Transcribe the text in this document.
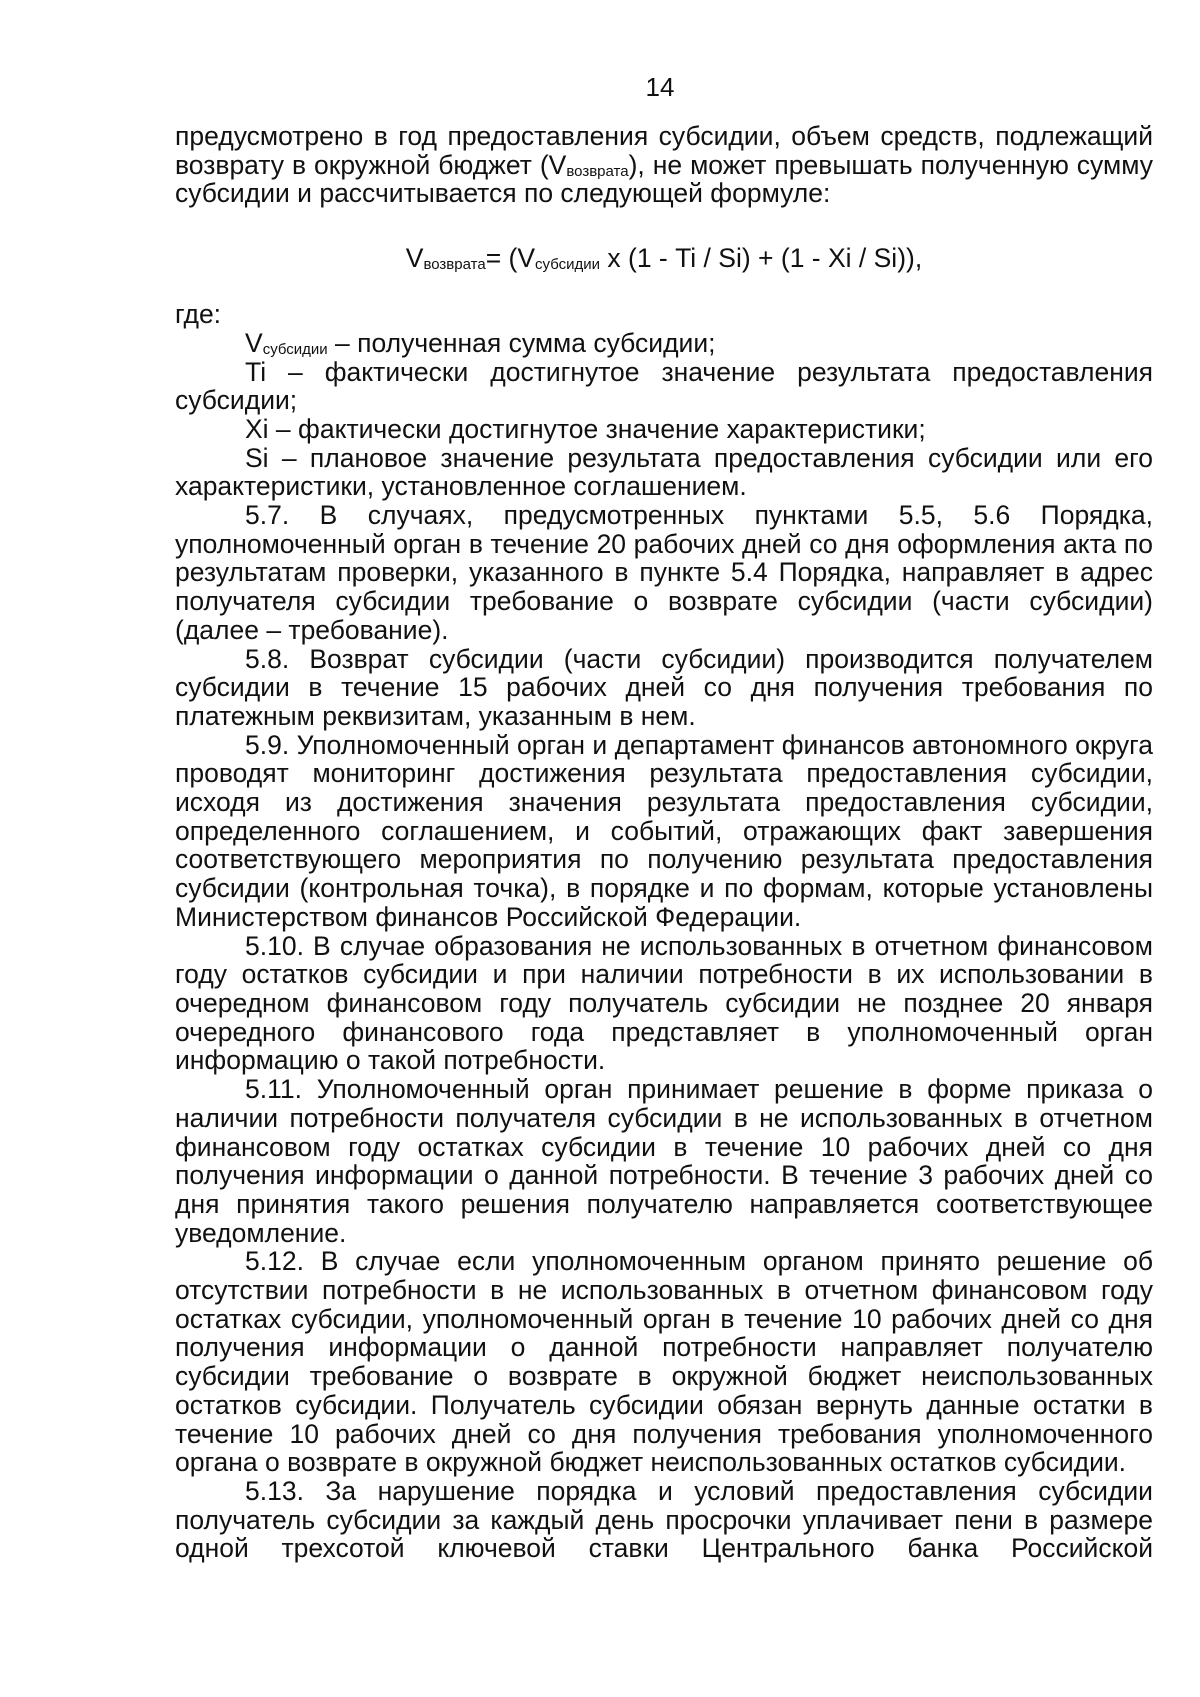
14

предусмотрено в год предоставления субсидии, объем средств, подлежащий возврату в окружной бюджет $(V_{возврата})$, не может превышать полученную сумму субсидии и рассчитывается по следующей формуле:

$V_{возврата}= (V_{субсидии}$ х (1 - Ti / Si) + (1 - Xi / Si)),

где:

$V_{субсидии}$ – полученная сумма субсидии;

Ti – фактически достигнутое значение результата предоставления субсидии;

Xi – фактически достигнутое значение характеристики;

Si – плановое значение результата предоставления субсидии или его характеристики, установленное соглашением.

5.7. В случаях, предусмотренных пунктами 5.5, 5.6 Порядка, уполномоченный орган в течение 20 рабочих дней со дня оформления акта по результатам проверки, указанного в пункте 5.4 Порядка, направляет в адрес получателя субсидии требование о возврате субсидии (части субсидии) (далее – требование).

5.8. Возврат субсидии (части субсидии) производится получателем субсидии в течение 15 рабочих дней со дня получения требования по платежным реквизитам, указанным в нем.

5.9. Уполномоченный орган и департамент финансов автономного округа проводят мониторинг достижения результата предоставления субсидии, исходя из достижения значения результата предоставления субсидии, определенного соглашением, и событий, отражающих факт завершения соответствующего мероприятия по получению результата предоставления субсидии (контрольная точка), в порядке и по формам, которые установлены Министерством финансов Российской Федерации.

5.10. В случае образования не использованных в отчетном финансовом году остатков субсидии и при наличии потребности в их использовании в очередном финансовом году получатель субсидии не позднее 20 января очередного финансового года представляет в уполномоченный орган информацию о такой потребности.

5.11. Уполномоченный орган принимает решение в форме приказа о наличии потребности получателя субсидии в не использованных в отчетном финансовом году остатках субсидии в течение 10 рабочих дней со дня получения информации о данной потребности. В течение 3 рабочих дней со дня принятия такого решения получателю направляется соответствующее уведомление.

5.12. В случае если уполномоченным органом принято решение об отсутствии потребности в не использованных в отчетном финансовом году остатках субсидии, уполномоченный орган в течение 10 рабочих дней со дня получения информации о данной потребности направляет получателю субсидии требование о возврате в окружной бюджет неиспользованных остатков субсидии. Получатель субсидии обязан вернуть данные остатки в течение 10 рабочих дней со дня получения требования уполномоченного органа о возврате в окружной бюджет неиспользованных остатков субсидии.

5.13. За нарушение порядка и условий предоставления субсидии получатель субсидии за каждый день просрочки уплачивает пени в размере одной трехсотой ключевой ставки Центрального банка Российской
